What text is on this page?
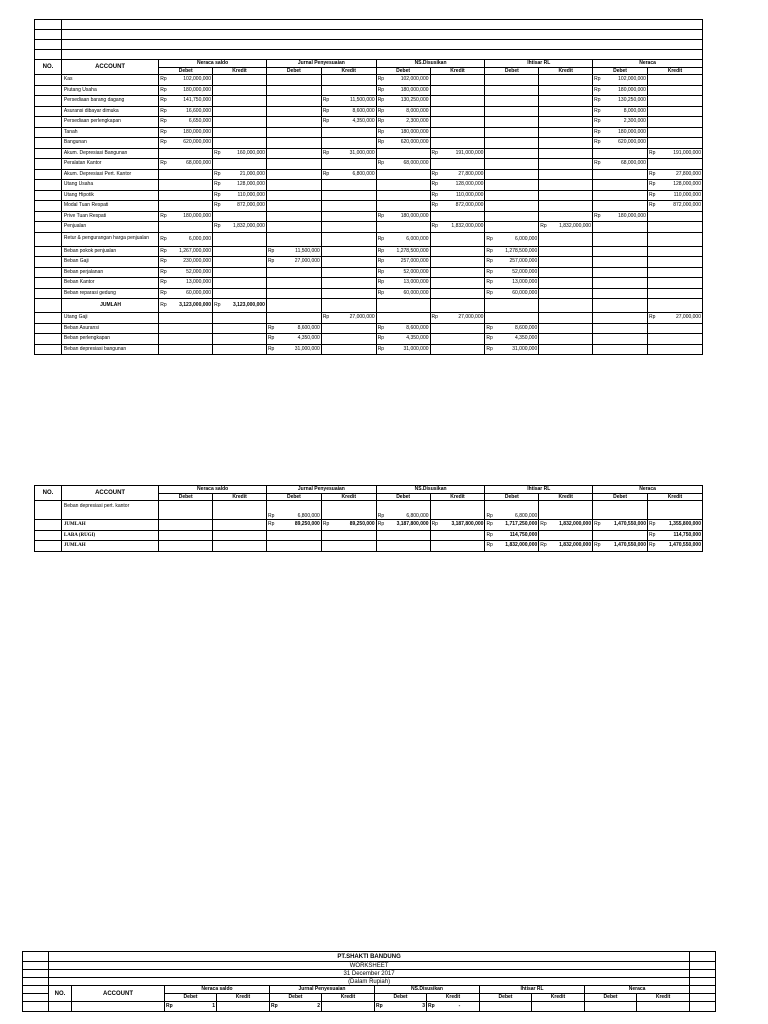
NO.	ACCOUNT	Neraca saldo		Jurnal Penyesuaian		NS.Disusikan		Ihtisar RL		Neraca	
		Debet	Kredit	Debet	Kredit	Debet	Kredit	Debet	Kredit	Debet	Kredit
	Kas	Rp 102,000,000				Rp 102,000,000				Rp 102,000,000	

	Piutang Usaha	Rp 180,000,000				Rp 180,000,000				Rp 180,000,000	

	Persediaan barang dagang	Rp 141,750,000			Rp 11,500,000	Rp 130,250,000				Rp 130,250,000	

	Asuransi dibayar dimuka	Rp 16,600,000			Rp 8,600,000	Rp 8,000,000				Rp 8,000,000	

	Persediaan perlengkapan	Rp 6,650,000			Rp 4,350,000	Rp 2,300,000				Rp 2,300,000	

	Tanah	Rp 180,000,000				Rp 180,000,000				Rp 180,000,000	

	Bangunan	Rp 620,000,000				Rp 620,000,000				Rp 620,000,000	

	Akum. Depresiasi Bangunan		Rp 160,000,000		Rp 31,000,000		Rp 191,000,000				Rp 191,000,000

	Peralatan Kantor	Rp 68,000,000				Rp 68,000,000				Rp 68,000,000	

	Akum. Depresiasi Pert. Kantor		Rp 21,000,000		Rp 6,800,000		Rp 27,800,000				Rp 27,800,000

	Utang Usaha		Rp 128,000,000				Rp 128,000,000				Rp 128,000,000

	Utang Hipotik		Rp 110,000,000				Rp 110,000,000				Rp 110,000,000

	Modal Tuan Respati		Rp 872,000,000				Rp 872,000,000				Rp 872,000,000

	Prive Tuan Respati	Rp 180,000,000				Rp 180,000,000				Rp 180,000,000	

	Penjualan		Rp 1,832,000,000				Rp 1,832,000,000		Rp 1,832,000,000		

	Retur & pengurangan harga penjualan	Rp 6,000,000				Rp 6,000,000		Rp 6,000,000			

	Beban pokok penjualan	Rp 1,267,000,000		Rp 11,500,000		Rp 1,278,500,000		Rp 1,278,500,000			

	Beban Gaji	Rp 230,000,000		Rp 27,000,000		Rp 257,000,000		Rp 257,000,000			

	Beban perjalanan	Rp 52,000,000				Rp 52,000,000		Rp 52,000,000			

	Beban Kantor	Rp 13,000,000				Rp 13,000,000		Rp 13,000,000			

	Beban reparasi gedung	Rp 60,000,000				Rp 60,000,000		Rp 60,000,000			

	JUMLAH	Rp 3,123,000,000	Rp 3,123,000,000								

	Utang Gaji				Rp 27,000,000		Rp 27,000,000				Rp 27,000,000

	Beban Asuransi			Rp 8,600,000		Rp 8,600,000		Rp 8,600,000			

	Beban perlengkapan			Rp 4,350,000		Rp 4,350,000		Rp 4,350,000			

	Beban depresiasi bangunan			Rp 31,000,000		Rp 31,000,000		Rp 31,000,000			

NO.	ACCOUNT	Neraca saldo		Jurnal Penyesuaian		NS.Disusikan		Ihtisar RL		Neraca	
		Debet	Kredit	Debet	Kredit	Debet	Kredit	Debet	Kredit	Debet	Kredit
	Beban depresiasi pert. kantor			Rp 6,800,000		Rp 6,800,000		Rp 6,800,000			

	JUMLAH			Rp 89,250,000	Rp 89,250,000	Rp 3,187,800,000	Rp 3,187,800,000	Rp 1,717,250,000	Rp 1,832,000,000	Rp 1,470,550,000	Rp 1,355,800,000

	LABA (RUGI)							Rp 114,750,000			Rp 114,750,000

	JUMLAH							Rp 1,832,000,000	Rp 1,832,000,000	Rp 1,470,550,000	Rp 1,470,550,000
	PT.SHAKTI BANDUNG												
	WORKSHEET												
	31 December 2017												
	(Dalam Rupiah)												
	NO.	ACCOUNT	Neraca saldo		Jurnal Penyesuaian		NS.Disusikan		Ihtisar RL		Neraca		
			Debet	Kredit	Debet	Kredit	Debet	Kredit	Debet	Kredit	Debet	Kredit	

			Rp 1		Rp 2		Rp 3	Rp -					
